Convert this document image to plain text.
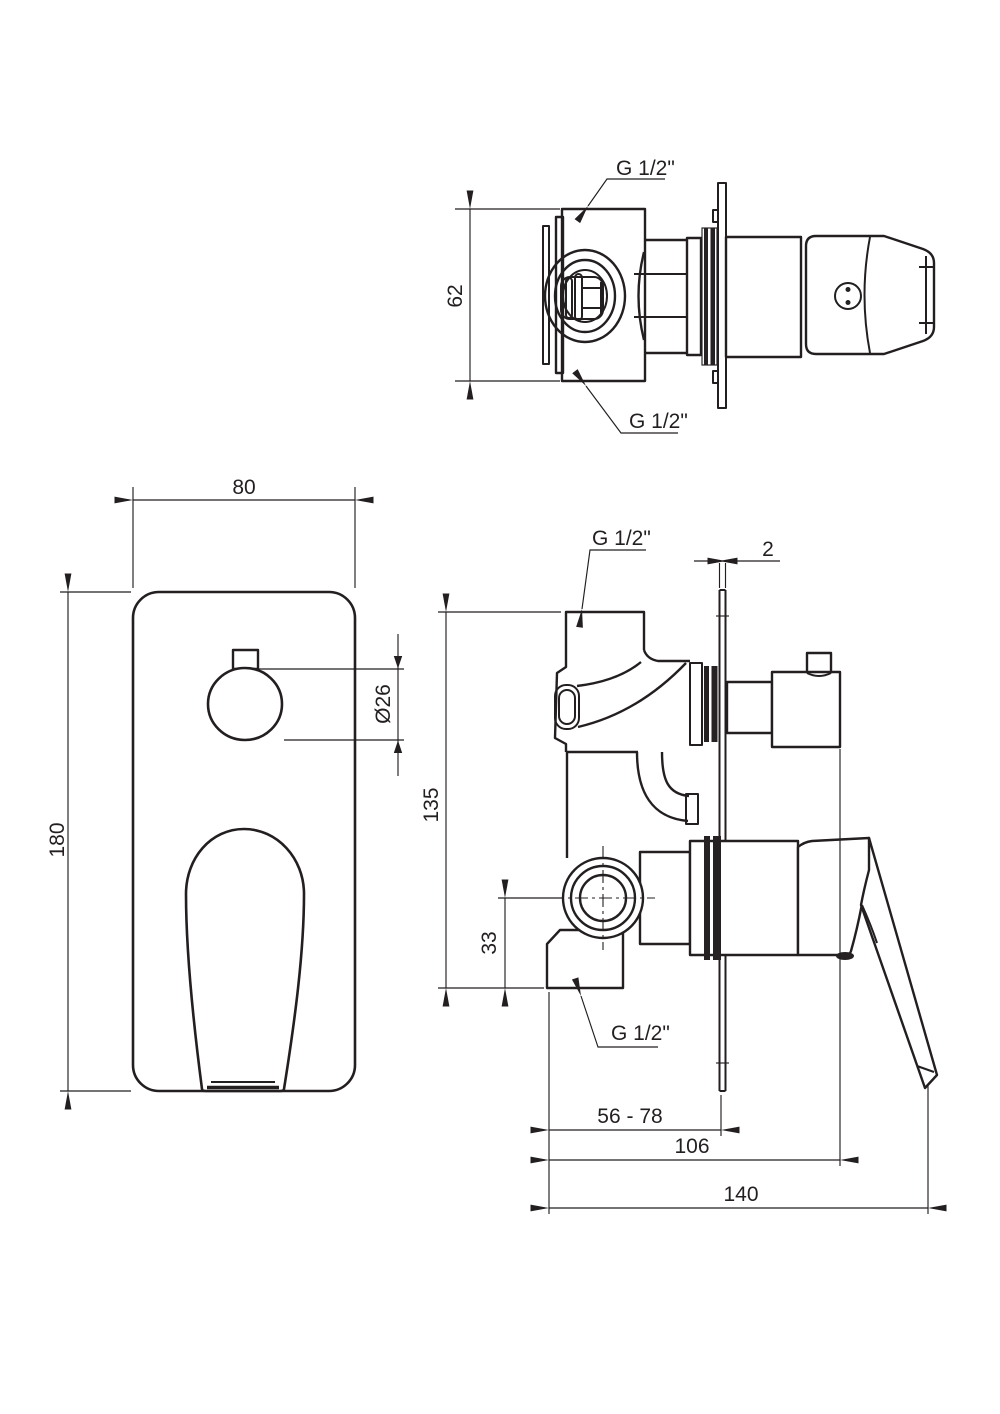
62
G 1/2"
G 1/2"
80
180
Ø26
G 1/2"	2
135
33
G 1/2"
56 - 78
106
140
